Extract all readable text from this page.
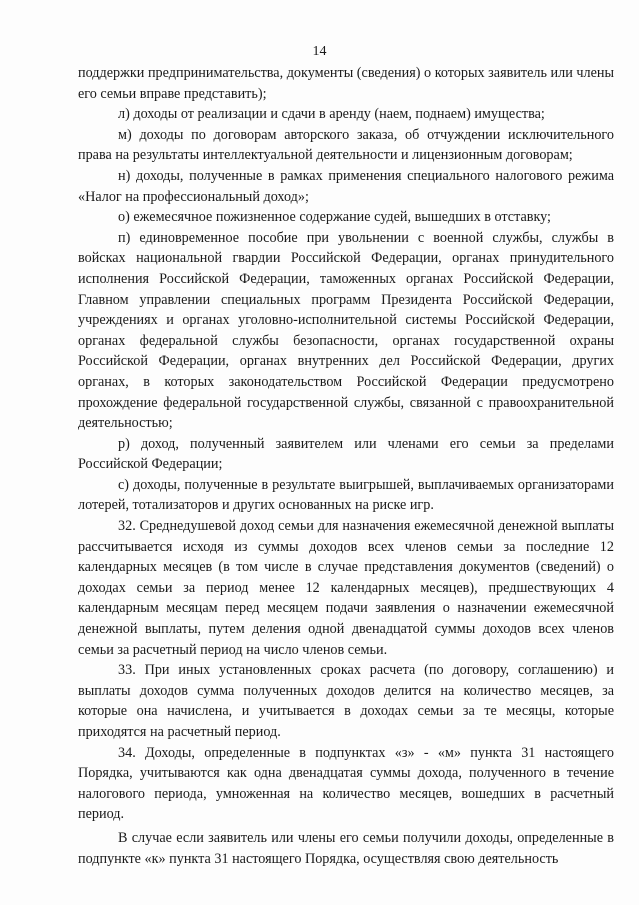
14

поддержки предпринимательства, документы (сведения) о которых заявитель или члены его семьи вправе представить);

л) доходы от реализации и сдачи в аренду (наем, поднаем) имущества;

м) доходы по договорам авторского заказа, об отчуждении исключительного права на результаты интеллектуальной деятельности и лицензионным договорам;

н) доходы, полученные в рамках применения специального налогового режима «Налог на профессиональный доход»;

о) ежемесячное пожизненное содержание судей, вышедших в отставку;

п) единовременное пособие при увольнении с военной службы, службы в войсках национальной гвардии Российской Федерации, органах принудительного исполнения Российской Федерации, таможенных органах Российской Федерации, Главном управлении специальных программ Президента Российской Федерации, учреждениях и органах уголовно-исполнительной системы Российской Федерации, органах федеральной службы безопасности, органах государственной охраны Российской Федерации, органах внутренних дел Российской Федерации, других органах, в которых законодательством Российской Федерации предусмотрено прохождение федеральной государственной службы, связанной с правоохранительной деятельностью;

р) доход, полученный заявителем или членами его семьи за пределами Российской Федерации;

с) доходы, полученные в результате выигрышей, выплачиваемых организаторами лотерей, тотализаторов и других основанных на риске игр.

32. Среднедушевой доход семьи для назначения ежемесячной денежной выплаты рассчитывается исходя из суммы доходов всех членов семьи за последние 12 календарных месяцев (в том числе в случае представления документов (сведений) о доходах семьи за период менее 12 календарных месяцев), предшествующих 4 календарным месяцам перед месяцем подачи заявления о назначении ежемесячной денежной выплаты, путем деления одной двенадцатой суммы доходов всех членов семьи за расчетный период на число членов семьи.

33. При иных установленных сроках расчета (по договору, соглашению) и выплаты доходов сумма полученных доходов делится на количество месяцев, за которые она начислена, и учитывается в доходах семьи за те месяцы, которые приходятся на расчетный период.

34. Доходы, определенные в подпунктах «з» - «м» пункта 31 настоящего Порядка, учитываются как одна двенадцатая суммы дохода, полученного в течение налогового периода, умноженная на количество месяцев, вошедших в расчетный период.

В случае если заявитель или члены его семьи получили доходы, определенные в подпункте «к» пункта 31 настоящего Порядка, осуществляя свою деятельность
